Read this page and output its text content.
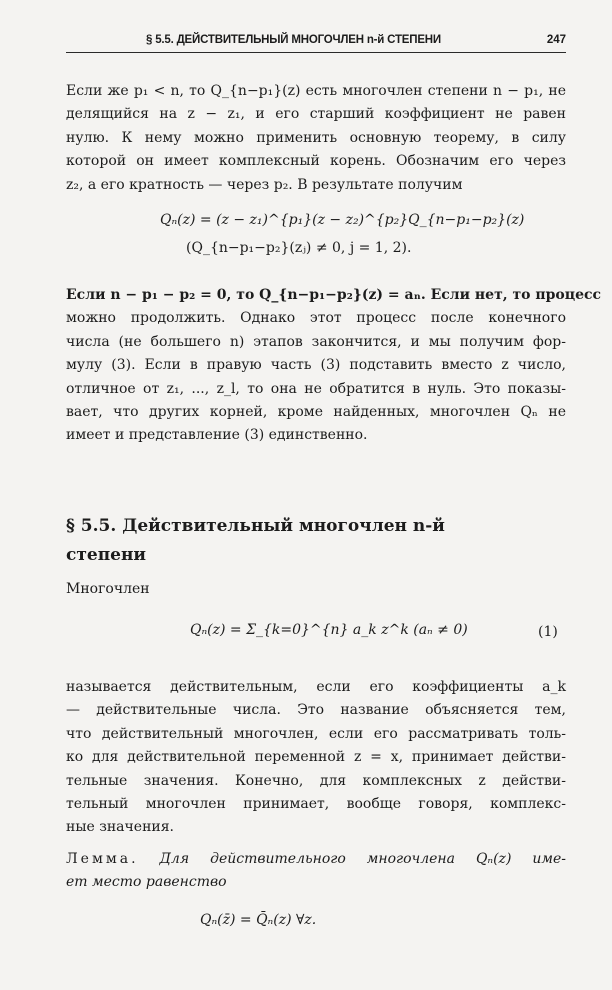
§ 5.5. ДЕЙСТВИТЕЛЬНЫЙ МНОГОЧЛЕН n-й СТЕПЕНИ	247
Если же p₁ < n, то Q_{n−p₁}(z) есть многочлен степени n − p₁, не
делящийся на z − z₁, и его старший коэффициент не равен
нулю. К нему можно применить основную теорему, в силу
которой он имеет комплексный корень. Обозначим его через
z₂, а его кратность — через p₂. В результате получим
Qₙ(z) = (z − z₁)^{p₁}(z − z₂)^{p₂}Q_{n−p₁−p₂}(z)
(Q_{n−p₁−p₂}(zⱼ) ≠ 0, j = 1, 2).
Если n − p₁ − p₂ = 0, то Q_{n−p₁−p₂}(z) = aₙ. Если нет, то процесс
можно продолжить. Однако этот процесс после конечного
числа (не большего n) этапов закончится, и мы получим фор-
мулу (3). Если в правую часть (3) подставить вместо z число,
отличное от z₁, ..., z_l, то она не обратится в нуль. Это показы-
вает, что других корней, кроме найденных, многочлен Qₙ не
имеет и представление (3) единственно.
§ 5.5. Действительный многочлен n-й
степени
Многочлен
Qₙ(z) = Σ_{k=0}^{n} a_k z^k (aₙ ≠ 0)	(1)
называется действительным, если его коэффициенты a_k
— действительные числа. Это название объясняется тем,
что действительный многочлен, если его рассматривать толь-
ко для действительной переменной z = x, принимает действи-
тельные значения. Конечно, для комплексных z действи-
тельный многочлен принимает, вообще говоря, комплекс-
ные значения.
Лемма. Для действительного многочлена Qₙ(z) име-
ет место равенство
Qₙ(z̄) = Q̄ₙ(z) ∀z.
